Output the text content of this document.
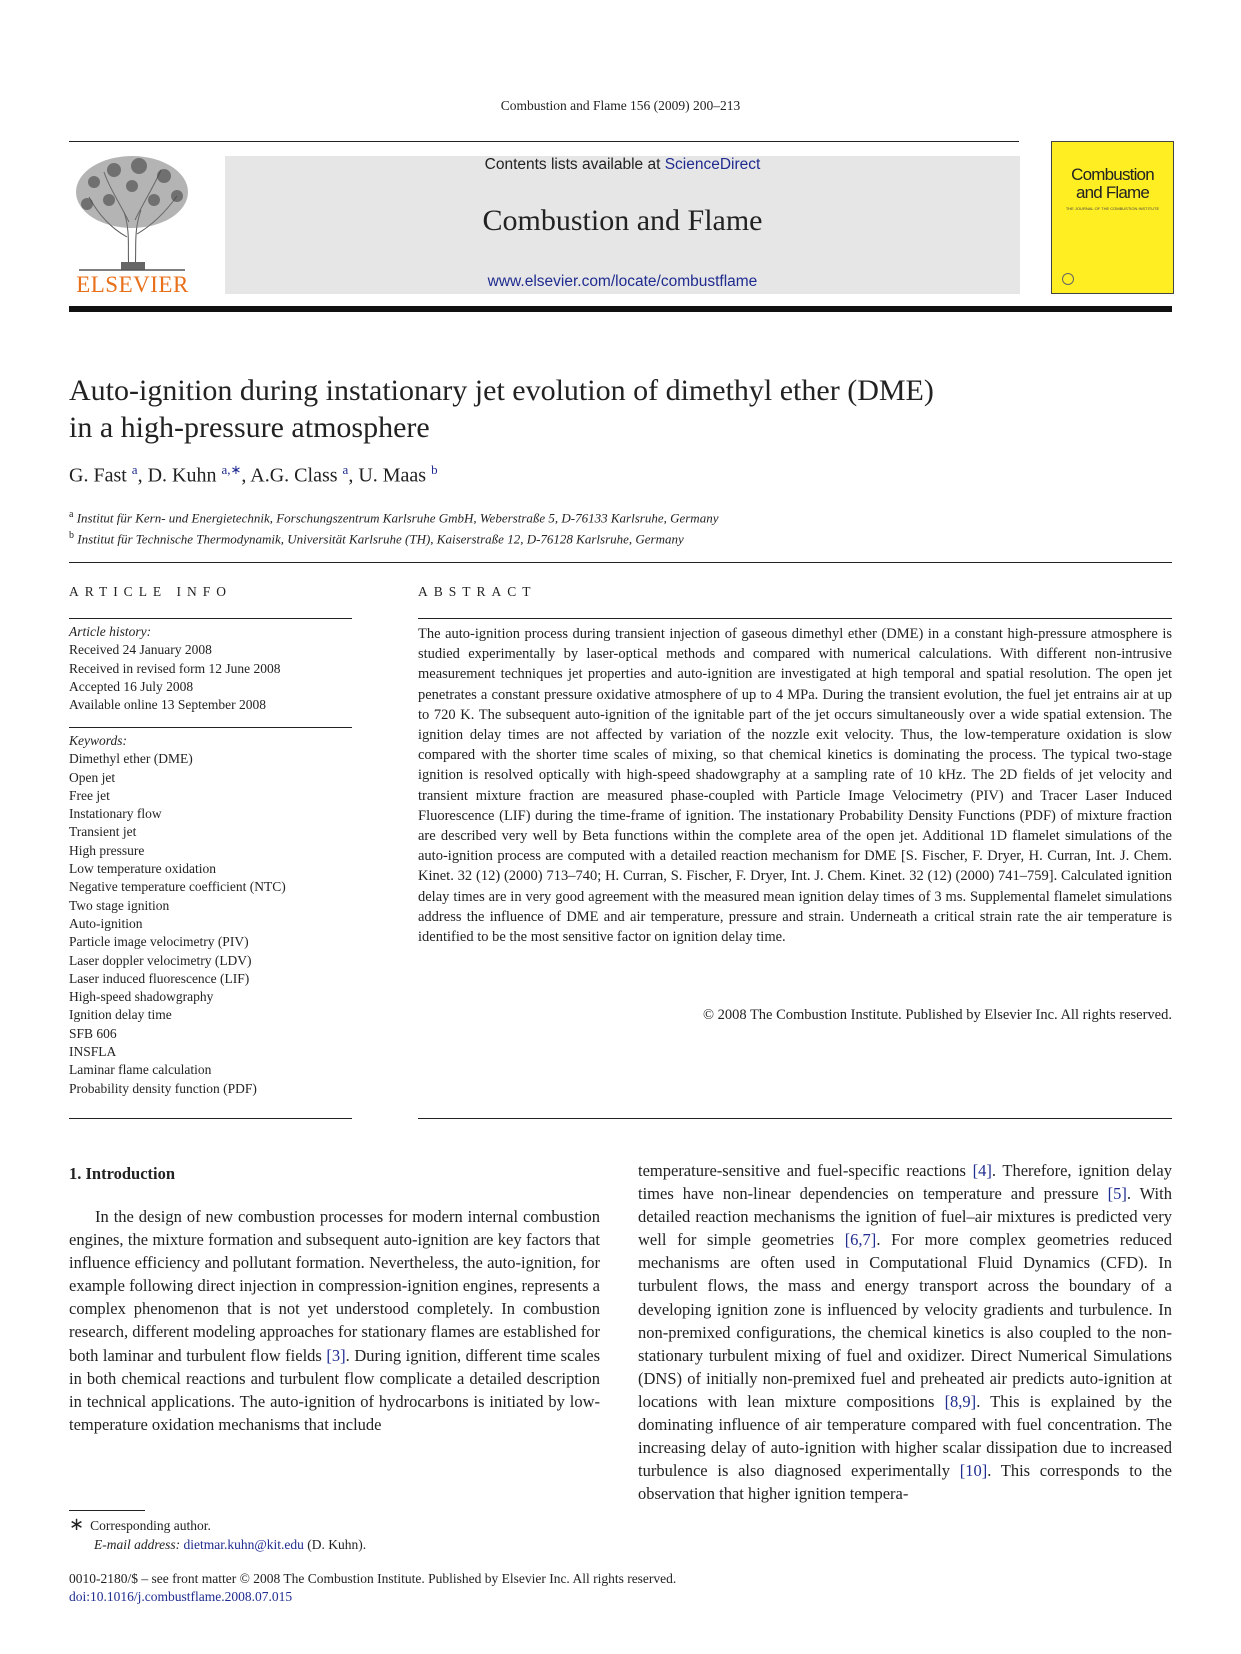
Combustion and Flame 156 (2009) 200–213
ELSEVIER
Contents lists available at ScienceDirect
Combustion and Flame
www.elsevier.com/locate/combustflame
Combustion
and Flame
THE JOURNAL OF THE COMBUSTION INSTITUTE
Auto-ignition during instationary jet evolution of dimethyl ether (DME)
in a high-pressure atmosphere
G. Fast $^a$, D. Kuhn $^{a,∗}$, A.G. Class $^a$, U. Maas $^b$
$^a$ Institut für Kern- und Energietechnik, Forschungszentrum Karlsruhe GmbH, Weberstraße 5, D-76133 Karlsruhe, Germany
$^b$ Institut für Technische Thermodynamik, Universität Karlsruhe (TH), Kaiserstraße 12, D-76128 Karlsruhe, Germany
ARTICLE INFO
Article history:
Received 24 January 2008
Received in revised form 12 June 2008
Accepted 16 July 2008
Available online 13 September 2008
Keywords:
Dimethyl ether (DME)
Open jet
Free jet
Instationary flow
Transient jet
High pressure
Low temperature oxidation
Negative temperature coefficient (NTC)
Two stage ignition
Auto-ignition
Particle image velocimetry (PIV)
Laser doppler velocimetry (LDV)
Laser induced fluorescence (LIF)
High-speed shadowgraphy
Ignition delay time
SFB 606
INSFLA
Laminar flame calculation
Probability density function (PDF)
ABSTRACT
The auto-ignition process during transient injection of gaseous dimethyl ether (DME) in a constant high-pressure atmosphere is studied experimentally by laser-optical methods and compared with numerical calculations. With different non-intrusive measurement techniques jet properties and auto-ignition are investigated at high temporal and spatial resolution. The open jet penetrates a constant pressure oxidative atmosphere of up to 4 MPa. During the transient evolution, the fuel jet entrains air at up to 720 K. The subsequent auto-ignition of the ignitable part of the jet occurs simultaneously over a wide spatial extension. The ignition delay times are not affected by variation of the nozzle exit velocity. Thus, the low-temperature oxidation is slow compared with the shorter time scales of mixing, so that chemical kinetics is dominating the process. The typical two-stage ignition is resolved optically with high-speed shadowgraphy at a sampling rate of 10 kHz. The 2D fields of jet velocity and transient mixture fraction are measured phase-coupled with Particle Image Velocimetry (PIV) and Tracer Laser Induced Fluorescence (LIF) during the time-frame of ignition. The instationary Probability Density Functions (PDF) of mixture fraction are described very well by Beta functions within the complete area of the open jet. Additional 1D flamelet simulations of the auto-ignition process are computed with a detailed reaction mechanism for DME [S. Fischer, F. Dryer, H. Curran, Int. J. Chem. Kinet. 32 (12) (2000) 713–740; H. Curran, S. Fischer, F. Dryer, Int. J. Chem. Kinet. 32 (12) (2000) 741–759]. Calculated ignition delay times are in very good agreement with the measured mean ignition delay times of 3 ms. Supplemental flamelet simulations address the influence of DME and air temperature, pressure and strain. Underneath a critical strain rate the air temperature is identified to be the most sensitive factor on ignition delay time.
© 2008 The Combustion Institute. Published by Elsevier Inc. All rights reserved.
1. Introduction
In the design of new combustion processes for modern internal combustion engines, the mixture formation and subsequent auto-ignition are key factors that influence efficiency and pollutant formation. Nevertheless, the auto-ignition, for example following direct injection in compression-ignition engines, represents a complex phenomenon that is not yet understood completely. In combustion research, different modeling approaches for stationary flames are established for both laminar and turbulent flow fields [3]. During ignition, different time scales in both chemical reactions and turbulent flow complicate a detailed description in technical applications. The auto-ignition of hydrocarbons is initiated by low-temperature oxidation mechanisms that include
temperature-sensitive and fuel-specific reactions [4]. Therefore, ignition delay times have non-linear dependencies on temperature and pressure [5]. With detailed reaction mechanisms the ignition of fuel–air mixtures is predicted very well for simple geometries [6,7]. For more complex geometries reduced mechanisms are often used in Computational Fluid Dynamics (CFD). In turbulent flows, the mass and energy transport across the boundary of a developing ignition zone is influenced by velocity gradients and turbulence. In non-premixed configurations, the chemical kinetics is also coupled to the non-stationary turbulent mixing of fuel and oxidizer. Direct Numerical Simulations (DNS) of initially non-premixed fuel and preheated air predicts auto-ignition at locations with lean mixture compositions [8,9]. This is explained by the dominating influence of air temperature compared with fuel concentration. The increasing delay of auto-ignition with higher scalar dissipation due to increased turbulence is also diagnosed experimentally [10]. This corresponds to the observation that higher ignition tempera-
∗ Corresponding author.
E-mail address: dietmar.kuhn@kit.edu (D. Kuhn).
0010-2180/$ – see front matter © 2008 The Combustion Institute. Published by Elsevier Inc. All rights reserved.
doi:10.1016/j.combustflame.2008.07.015
